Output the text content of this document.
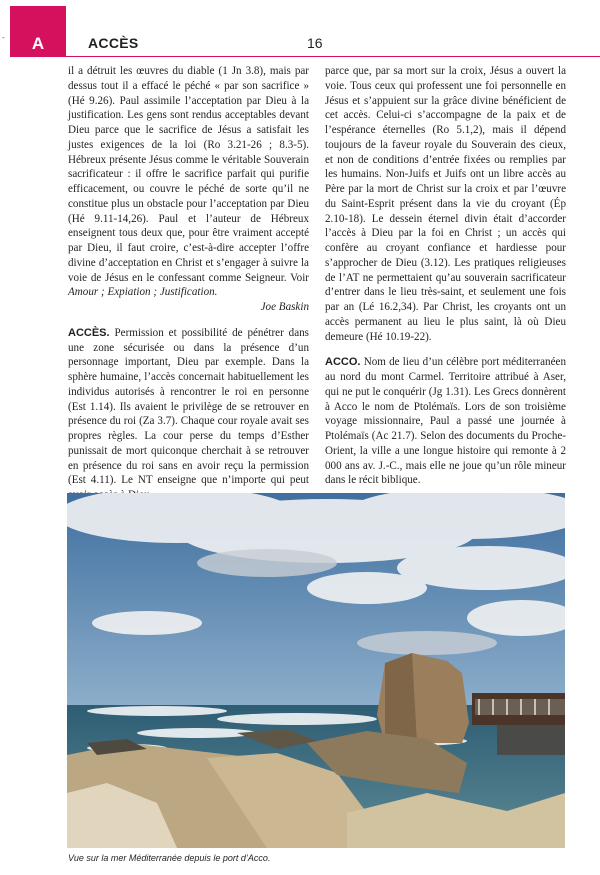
A
-	ACCÈS	16

il a détruit les œuvres du diable (1 Jn 3.8), mais par dessus tout il a effacé le péché « par son sacrifice » (Hé 9.26). Paul assimile l’acceptation par Dieu à la justification. Les gens sont rendus acceptables devant Dieu parce que le sacrifice de Jésus a satisfait les justes exigences de la loi (Ro 3.21-26 ; 8.3-5). Hébreux présente Jésus comme le véritable Souverain sacrificateur : il offre le sacrifice parfait qui purifie efficacement, ou couvre le péché de sorte qu’il ne constitue plus un obstacle pour l’acceptation par Dieu (Hé 9.11-14,26). Paul et l’auteur de Hébreux enseignent tous deux que, pour être vraiment accepté par Dieu, il faut croire, c’est-à-dire accepter l’offre divine d’acceptation en Christ et s’engager à suivre la voie de Jésus en le confessant comme Seigneur. Voir Amour ; Expiation ; Justification.

Joe Baskin

ACCÈS. Permission et possibilité de pénétrer dans une zone sécurisée ou dans la présence d’un personnage important, Dieu par exemple. Dans la sphère humaine, l’accès concernait habituellement les individus autorisés à rencontrer le roi en personne (Est 1.14). Ils avaient le privilège de se retrouver en présence du roi (Za 3.7). Chaque cour royale avait ses propres règles. La cour perse du temps d’Esther punissait de mort quiconque cherchait à se retrouver en présence du roi sans en avoir reçu la permission (Est 4.11). Le NT enseigne que n’importe qui peut

parce que, par sa mort sur la croix, Jésus a ouvert la voie. Tous ceux qui professent une foi personnelle en Jésus et s’appuient sur la grâce divine bénéficient de cet accès. Celui-ci s’accompagne de la paix et de l’espérance éternelles (Ro 5.1,2), mais il dépend toujours de la faveur royale du Souverain des cieux, et non de conditions d’entrée fixées ou remplies par les humains. Non-Juifs et Juifs ont un libre accès au Père par la mort de Christ sur la croix et par l’œuvre du Saint-Esprit présent dans la vie du croyant (Ép 2.10-18). Le dessein éternel divin était d’accorder l’accès à Dieu par la foi en Christ ; un accès qui confère au croyant confiance et hardiesse pour s’approcher de Dieu (3.12). Les pratiques religieuses de l’AT ne permettaient qu’au souverain sacrificateur d’entrer dans le lieu très-saint, et seulement une fois par an (Lé 16.2,34). Par Christ, les croyants ont un accès permanent au lieu le plus saint, là où Dieu demeure (Hé 10.19-22).

ACCO. Nom de lieu d’un célèbre port méditerranéen au nord du mont Carmel. Territoire attribué à Aser, qui ne put le conquérir (Jg 1.31). Les Grecs donnèrent à Acco le nom de Ptolémaïs. Lors de son troisième voyage missionnaire, Paul a passé une journée à Ptolémaïs (Ac 21.7). Selon des documents du Proche-Orient, la ville a une longue histoire qui remonte à 2 000 ans av. J.-C., mais elle ne joue qu’un rôle mineur dans le récit biblique.

Vue sur la mer Méditerranée depuis le port d’Acco.
